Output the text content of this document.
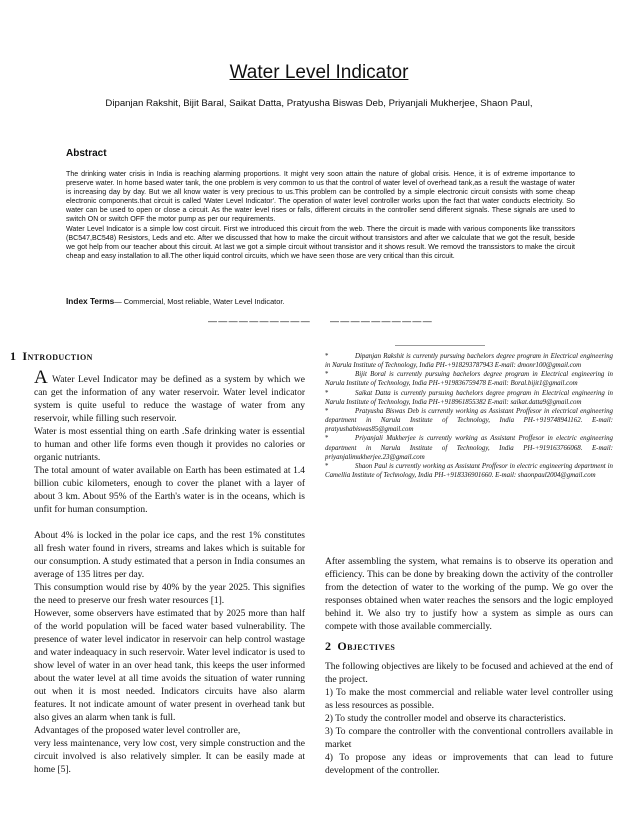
Water Level Indicator
Dipanjan Rakshit, Bijit Baral, Saikat Datta, Pratyusha Biswas Deb, Priyanjali Mukherjee, Shaon Paul,
Abstract

The drinking water crisis in India is reaching alarming proportions. It might very soon attain the nature of global crisis. Hence, it is of extreme importance to preserve water. In home based water tank, the one problem is very common to us that the control of water level of overhead tank,as a result the wastage of water is increasing day by day. But we all know water is very precious to us.This problem can be controlled by a simple electronic circuit consists with some cheap electronic components.that circuit is called 'Water Level Indicator'. The operation of water level controller works upon the fact that water conducts electricity. So water can be used to open or close a circuit. As the water level rises or falls, different circuits in the controller send different signals. These signals are used to switch ON or switch OFF the motor pump as per our requirements.

Water Level Indicator is a simple low cost circuit. First we introduced this circuit from the web. There the circuit is made with various components like transsitors (BC547,BC548) Resistors, Leds and etc. After we discussed that how to make the circuit without transistors and after we calculate that we got the result, beside we got help from our teacher about this circuit. At last we got a simple circuit without transistor and it shows result. We removd the transsistors to make the circuit cheap and easy installation to all.The other liquid control circuits, which we have seen those are very critical than this circuit.

Index Terms— Commercial, Most reliable, Water Level Indicator.
—————————— ——————————
1 Introduction

A Water Level Indicator may be defined as a system by which we can get the information of any water reservoir. Water level indicator system is quite useful to reduce the wastage of water from any reservoir, while filling such reservoir.

Water is most essential thing on earth .Safe drinking water is essential to human and other life forms even though it provides no calories or organic nutriants.

The total amount of water available on Earth has been estimated at 1.4 billion cubic kilometers, enough to cover the planet with a layer of about 3 km. About 95% of the Earth's water is in the oceans, which is unfit for human consumption.

About 4% is locked in the polar ice caps, and the rest 1% constitutes all fresh water found in rivers, streams and lakes which is suitable for our consumption. A study estimated that a person in India consumes an average of 135 litres per day.

This consumption would rise by 40% by the year 2025. This signifies the need to preserve our fresh water resources [1].

However, some observers have estimated that by 2025 more than half of the world population will be faced water based vulnerability. The presence of water level indicator in reservoir can help control wastage and water indeaquacy in such reservoir. Water level indicator is used to show level of water in an over head tank, this keeps the user informed about the water level at all time avoids the situation of water running out when it is most needed. Indicators circuits have also alarm features. It not indicate amount of water present in overhead tank but also gives an alarm when tank is full.

Advantages of the proposed water level controller are,

very less maintenance, very low cost, very simple construction and the circuit involved is also relatively simpler. It can be easily made at home [5].

*	Dipanjan Rakshit is currently pursuing bachelors degree program in Electrical engineering in Narula Institute of Technology, India PH-+918293787943 E-mail: dmonr100@gmail.com

*	Bijit Boral is currently pursuing bachelors degree program in Electrical engineering in Narula Institute of Technology, India PH-+919836759478 E-mail: Boral.bijit1@gmail.com

*	Saikat Datta is currently pursuing bachelors degree program in Electrical engineering in Narula Institute of Technology, India PH-+918961855382 E-mail: saikat.datta9@gmail.com

*	Pratyusha Biswas Deb is currently working as Assistant Proffesor in electrical engineering department in Narula Institute of Technology, India PH-+919748941162. E-mail: pratyushabiswas85@gmail.com

*	Priyanjali Mukherjee is currently working as Assistant Proffesor in electric engineering department in Narula Institute of Technology, India PH-+919163766068. E-mail: priyanjalimukherjee.23@gmail.com

*	Shaon Paul is currently working as Assistant Proffesor in electric engineering department in Camellia Institute of Technology, India PH-+918336901660. E-mail: shaonpaul2004@gmail.com

After assembling the system, what remains is to observe its operation and efficiency. This can be done by breaking down the activity of the controller from the detection of water to the working of the pump. We go over the responses obtained when water reaches the sensors and the logic employed behind it. We also try to justify how a system as simple as ours can compete with those available commercially.

2 Objectives

The following objectives are likely to be focused and achieved at the end of the project.

1) To make the most commercial and reliable water level controller using as less resources as possible.

2) To study the controller model and observe its characteristics.

3) To compare the controller with the conventional controllers available in market

4) To propose any ideas or improvements that can lead to future development of the controller.
